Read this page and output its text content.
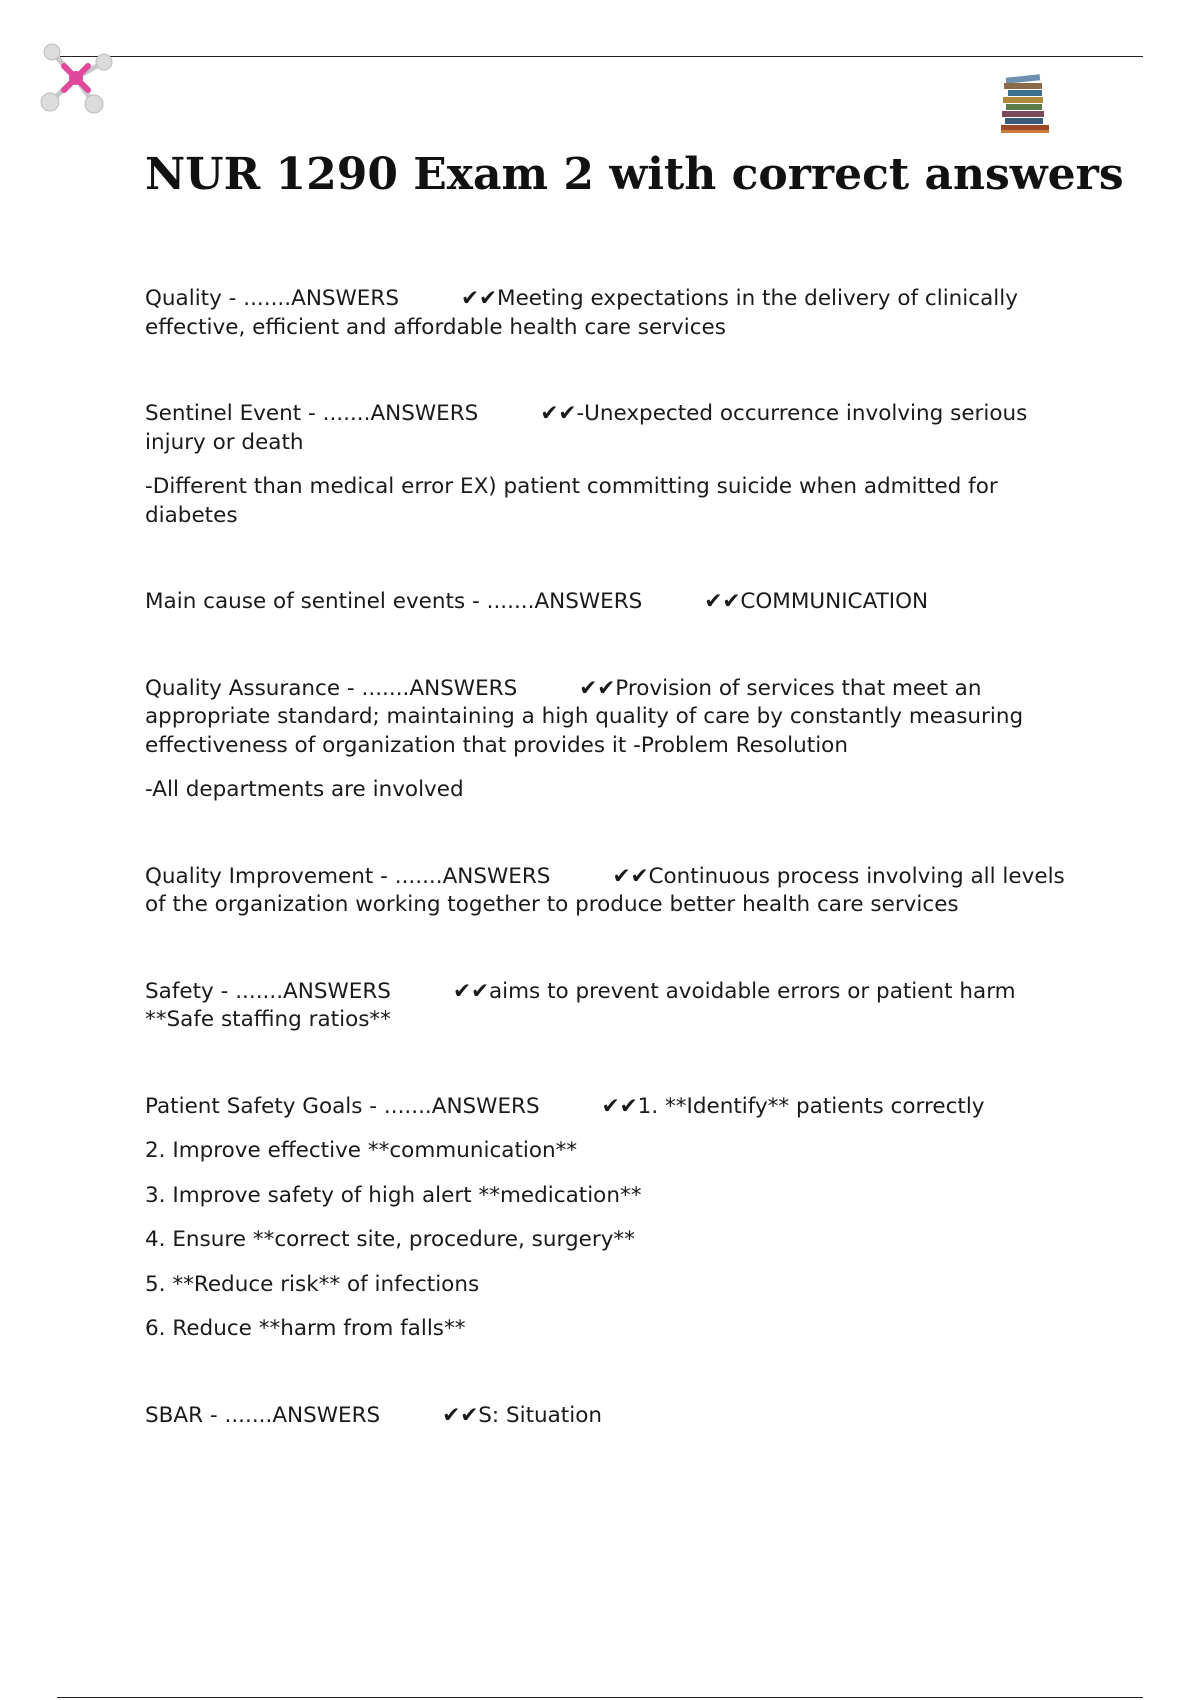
NUR 1290 Exam 2 with correct answers

Quality - .......ANSWERS	✔✔Meeting expectations in the delivery of clinically effective, efficient and affordable health care services

Sentinel Event - .......ANSWERS	✔✔-Unexpected occurrence involving serious injury or death

-Different than medical error EX) patient committing suicide when admitted for diabetes

Main cause of sentinel events - .......ANSWERS	✔✔COMMUNICATION

Quality Assurance - .......ANSWERS	✔✔Provision of services that meet an appropriate standard; maintaining a high quality of care by constantly measuring effectiveness of organization that provides it -Problem Resolution

-All departments are involved

Quality Improvement - .......ANSWERS	✔✔Continuous process involving all levels of the organization working together to produce better health care services

Safety - .......ANSWERS	✔✔aims to prevent avoidable errors or patient harm **Safe staffing ratios**

Patient Safety Goals - .......ANSWERS	✔✔1. **Identify** patients correctly

2. Improve effective **communication**

3. Improve safety of high alert **medication**

4. Ensure **correct site, procedure, surgery**

5. **Reduce risk** of infections

6. Reduce **harm from falls**

SBAR - .......ANSWERS	✔✔S: Situation
